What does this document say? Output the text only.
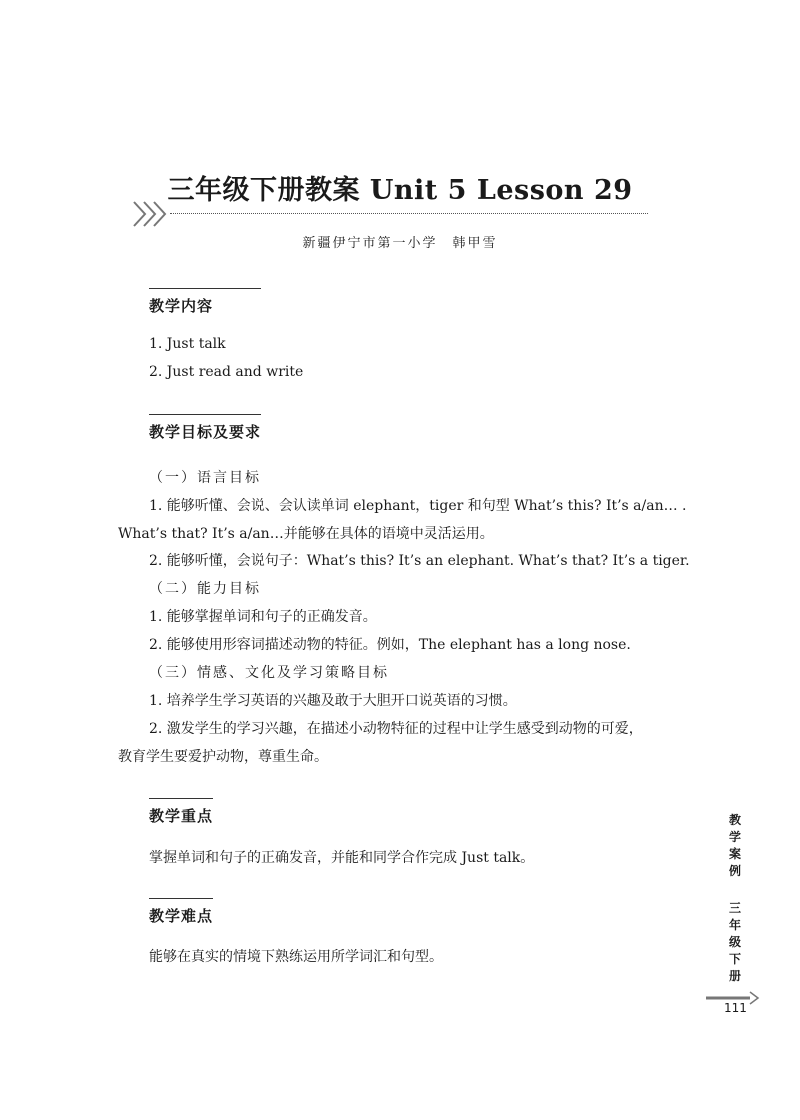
三年级下册教案 Unit 5 Lesson 29
新疆伊宁市第一小学　韩甲雪
教学内容
1. Just talk
2. Just read and write
教学目标及要求
（一）语言目标
1. 能够听懂、会说、会认读单词 elephant，tiger 和句型 What’s this? It’s a/an… .
What’s that? It’s a/an…并能够在具体的语境中灵活运用。
2. 能够听懂，会说句子：What’s this? It’s an elephant. What’s that? It’s a tiger.
（二）能力目标
1. 能够掌握单词和句子的正确发音。
2. 能够使用形容词描述动物的特征。例如，The elephant has a long nose.
（三）情感、文化及学习策略目标
1. 培养学生学习英语的兴趣及敢于大胆开口说英语的习惯。
2. 激发学生的学习兴趣，在描述小动物特征的过程中让学生感受到动物的可爱，
教育学生要爱护动物，尊重生命。
教学重点
掌握单词和句子的正确发音，并能和同学合作完成 Just talk。
教学难点
能够在真实的情境下熟练运用所学词汇和句型。
教学案例
三年级下册
111
